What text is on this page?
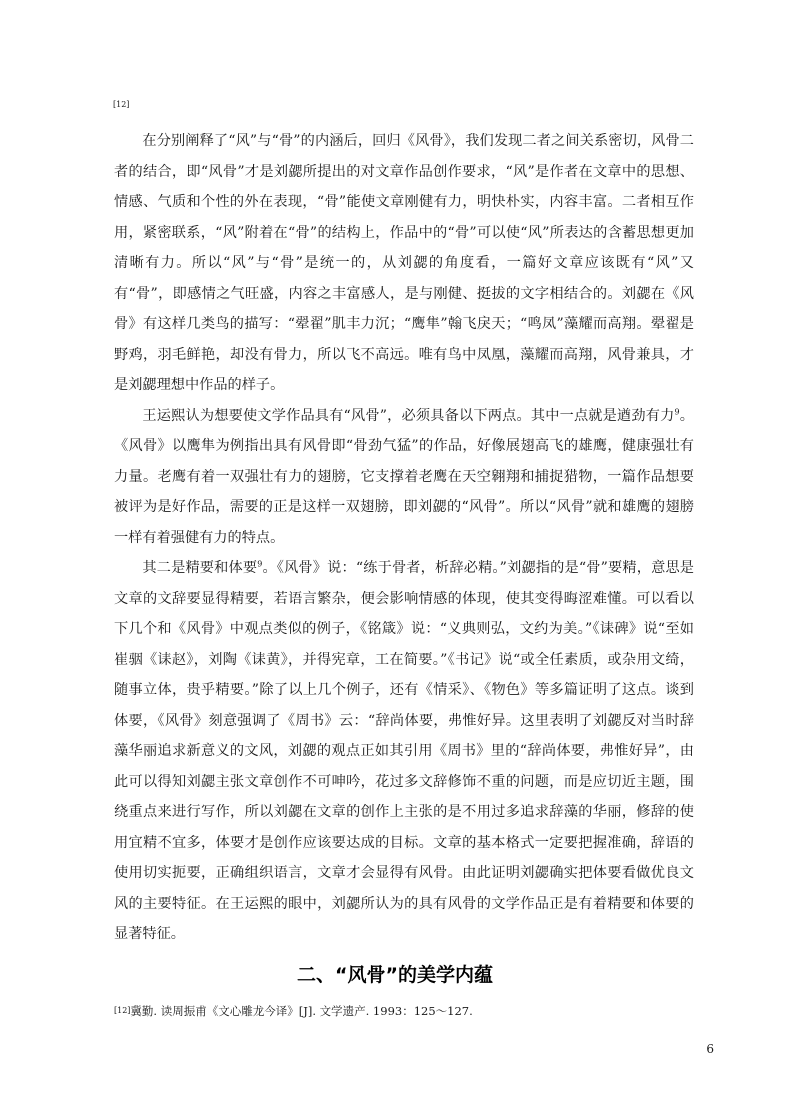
[12]

在分别阐释了“风”与“骨”的内涵后，回归《风骨》，我们发现二者之间关系密切，风骨二者的结合，即“风骨”才是刘勰所提出的对文章作品创作要求，“风”是作者在文章中的思想、情感、气质和个性的外在表现，“骨”能使文章刚健有力，明快朴实，内容丰富。二者相互作用，紧密联系，“风”附着在“骨”的结构上，作品中的“骨”可以使“风”所表达的含蓄思想更加清晰有力。所以“风”与“骨”是统一的，从刘勰的角度看，一篇好文章应该既有“风”又有“骨”，即感情之气旺盛，内容之丰富感人，是与刚健、挺拔的文字相结合的。刘勰在《风骨》有这样几类鸟的描写：“翚翟”肌丰力沉；“鹰隼”翰飞戾天；“鸣凤”藻耀而高翔。翚翟是野鸡，羽毛鲜艳，却没有骨力，所以飞不高远。唯有鸟中凤凰，藻耀而高翔，风骨兼具，才是刘勰理想中作品的样子。

王运熙认为想要使文学作品具有“风骨”，必须具备以下两点。其中一点就是遒劲有力$^9$。《风骨》以鹰隼为例指出具有风骨即“骨劲气猛”的作品，好像展翅高飞的雄鹰，健康强壮有力量。老鹰有着一双强壮有力的翅膀，它支撑着老鹰在天空翱翔和捕捉猎物，一篇作品想要被评为是好作品，需要的正是这样一双翅膀，即刘勰的“风骨”。所以“风骨”就和雄鹰的翅膀一样有着强健有力的特点。

其二是精要和体要$^9$。《风骨》说：“练于骨者，析辞必精。”刘勰指的是“骨”要精，意思是文章的文辞要显得精要，若语言繁杂，便会影响情感的体现，使其变得晦涩难懂。可以看以下几个和《风骨》中观点类似的例子，《铭箴》说：“义典则弘，文约为美。”《诔碑》说“至如崔骃《诔赵》，刘陶《诔黄》，并得宪章，工在简要。”《书记》说“或全任素质，或杂用文绮，随事立体，贵乎精要。”除了以上几个例子，还有《情采》、《物色》等多篇证明了这点。谈到体要，《风骨》刻意强调了《周书》云：“辞尚体要，弗惟好异。这里表明了刘勰反对当时辞藻华丽追求新意义的文风，刘勰的观点正如其引用《周书》里的“辞尚体要，弗惟好异”，由此可以得知刘勰主张文章创作不可呻吟，花过多文辞修饰不重的问题，而是应切近主题，围绕重点来进行写作，所以刘勰在文章的创作上主张的是不用过多追求辞藻的华丽，修辞的使用宜精不宜多，体要才是创作应该要达成的目标。文章的基本格式一定要把握准确，辞语的使用切实扼要，正确组织语言，文章才会显得有风骨。由此证明刘勰确实把体要看做优良文风的主要特征。在王运熙的眼中，刘勰所认为的具有风骨的文学作品正是有着精要和体要的显著特征。

二、“风骨”的美学内蕴
[12]冀勤. 读周振甫《文心雕龙今译》[J]. 文学遗产. 1993：125～127.
6
